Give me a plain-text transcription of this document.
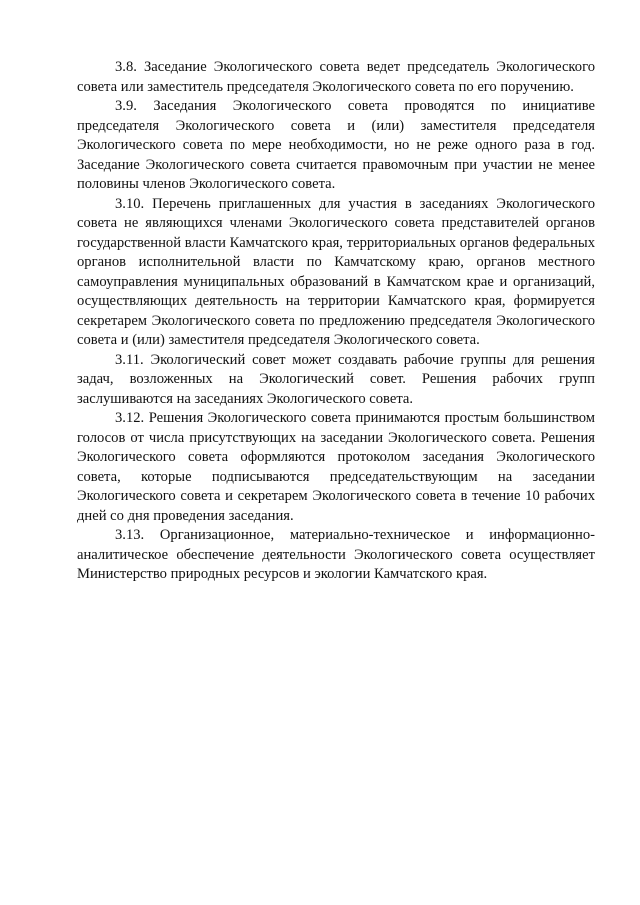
3.8. Заседание Экологического совета ведет председатель Экологического совета или заместитель председателя Экологического совета по его поручению.

3.9. Заседания Экологического совета проводятся по инициативе председателя Экологического совета и (или) заместителя председателя Экологического совета по мере необходимости, но не реже одного раза в год. Заседание Экологического совета считается правомочным при участии не менее половины членов Экологического совета.

3.10. Перечень приглашенных для участия в заседаниях Экологического совета не являющихся членами Экологического совета представителей органов государственной власти Камчатского края, территориальных органов федеральных органов исполнительной власти по Камчатскому краю, органов местного самоуправления муниципальных образований в Камчатском крае и организаций, осуществляющих деятельность на территории Камчатского края, формируется секретарем Экологического совета по предложению председателя Экологического совета и (или) заместителя председателя Экологического совета.

3.11. Экологический совет может создавать рабочие группы для решения задач, возложенных на Экологический совет. Решения рабочих групп заслушиваются на заседаниях Экологического совета.

3.12. Решения Экологического совета принимаются простым большинством голосов от числа присутствующих на заседании Экологического совета. Решения Экологического совета оформляются протоколом заседания Экологического совета, которые подписываются председательствующим на заседании Экологического совета и секретарем Экологического совета в течение 10 рабочих дней со дня проведения заседания.

3.13. Организационное, материально-техническое и информационно-аналитическое обеспечение деятельности Экологического совета осуществляет Министерство природных ресурсов и экологии Камчатского края.
